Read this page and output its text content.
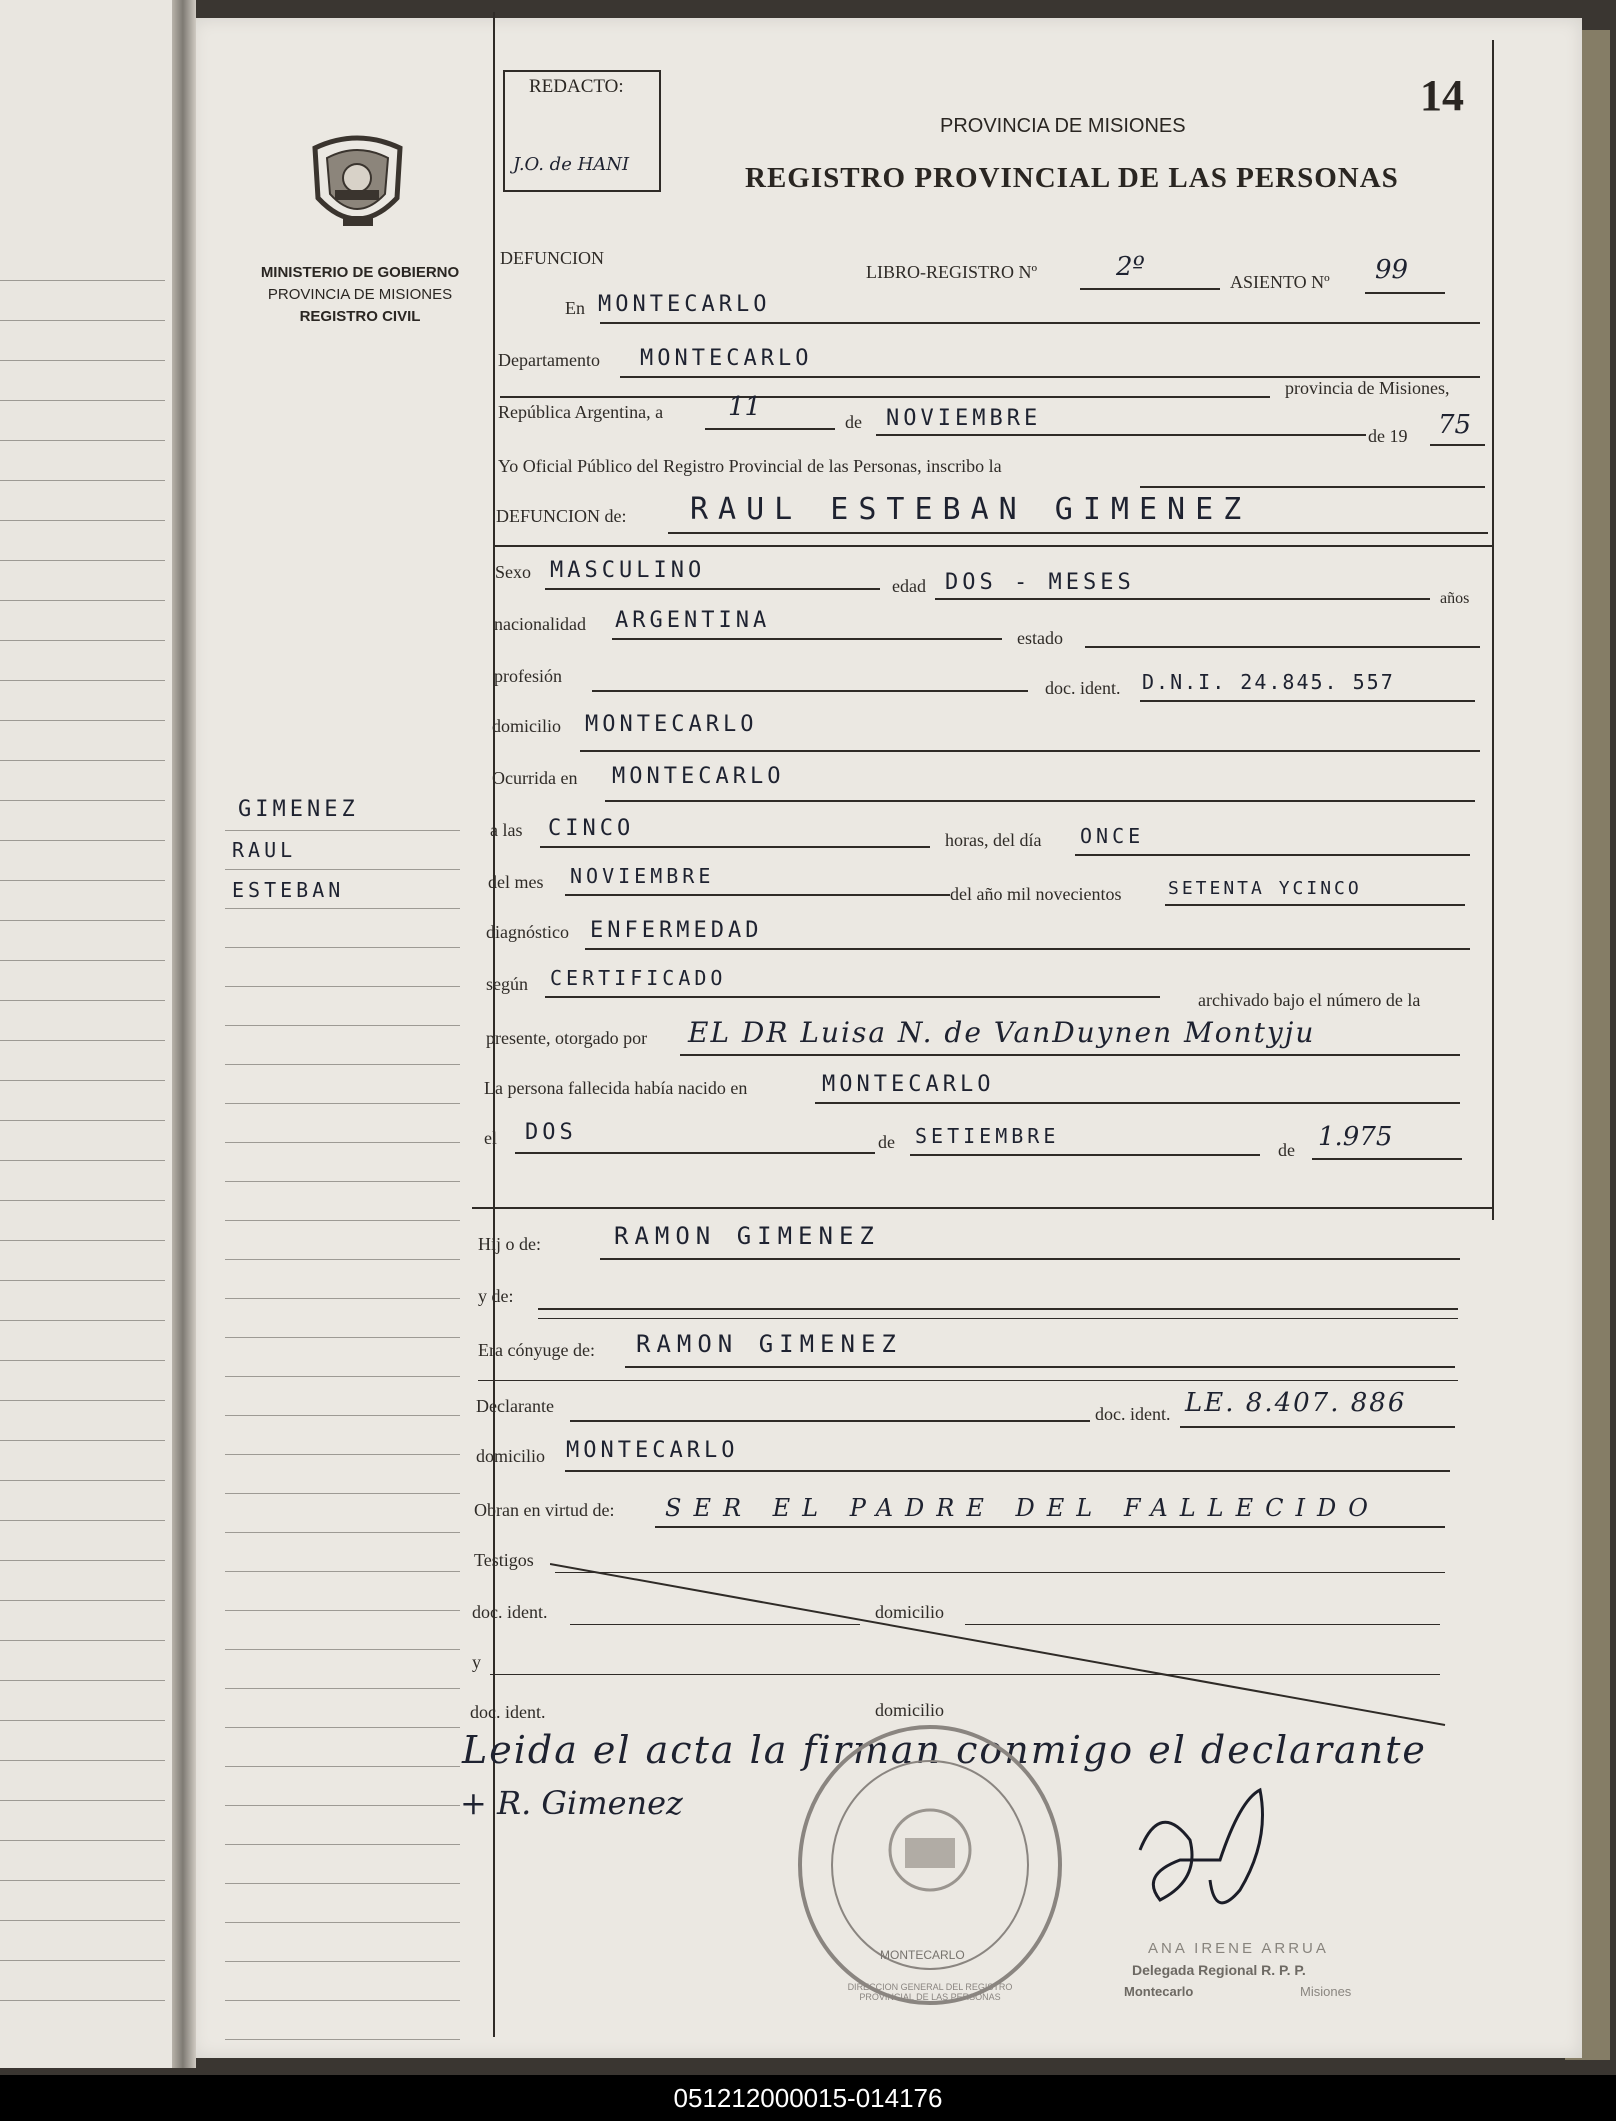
14
REDACTO:
J.O. de HANI
MINISTERIO DE GOBIERNO
PROVINCIA DE MISIONES
REGISTRO CIVIL
PROVINCIA DE MISIONES
REGISTRO PROVINCIAL DE LAS PERSONAS
GIMENEZ
RAUL
ESTEBAN
DEFUNCION
LIBRO-REGISTRO Nº	2º	ASIENTO Nº 99
En MONTECARLO
Departamento MONTECARLO
provincia de Misiones,
República Argentina, a 11	de NOVIEMBRE
de 19 75
Yo Oficial Público del Registro Provincial de las Personas, inscribo la
DEFUNCION de: RAUL ESTEBAN GIMENEZ
Sexo MASCULINO
edad DOS - MESES
años
nacionalidad ARGENTINA
estado
profesión
doc. ident. D.N.I. 24.845. 557
domicilio MONTECARLO
Ocurrida en MONTECARLO
a las CINCO	horas, del día ONCE
del mes NOVIEMBRE
del año mil novecientos	SETENTA YCINCO
diagnóstico ENFERMEDAD
según CERTIFICADO
archivado bajo el número de la
presente, otorgado por EL DR Luisa N. de VanDuynen Montyju
La persona fallecida había nacido en	MONTECARLO
el DOS	de SETIEMBRE
de 1.975
Hij o de:	RAMON GIMENEZ
y de:
Era cónyuge de: RAMON GIMENEZ
Declarante	doc. ident. LE. 8.407. 886
domicilio MONTECARLO
Obran en virtud de: SER EL PADRE DEL FALLECIDO
Testigos
doc. ident.	domicilio
y
doc. ident.	domicilio
Leida el acta la firman conmigo el declarante
+ R. Gimenez
MONTECARLO
DIRECCION GENERAL DEL REGISTRO PROVINCIAL DE LAS PERSONAS
ANA IRENE ARRUA
Delegada Regional R. P. P.
Montecarlo	Misiones
051212000015-014176
